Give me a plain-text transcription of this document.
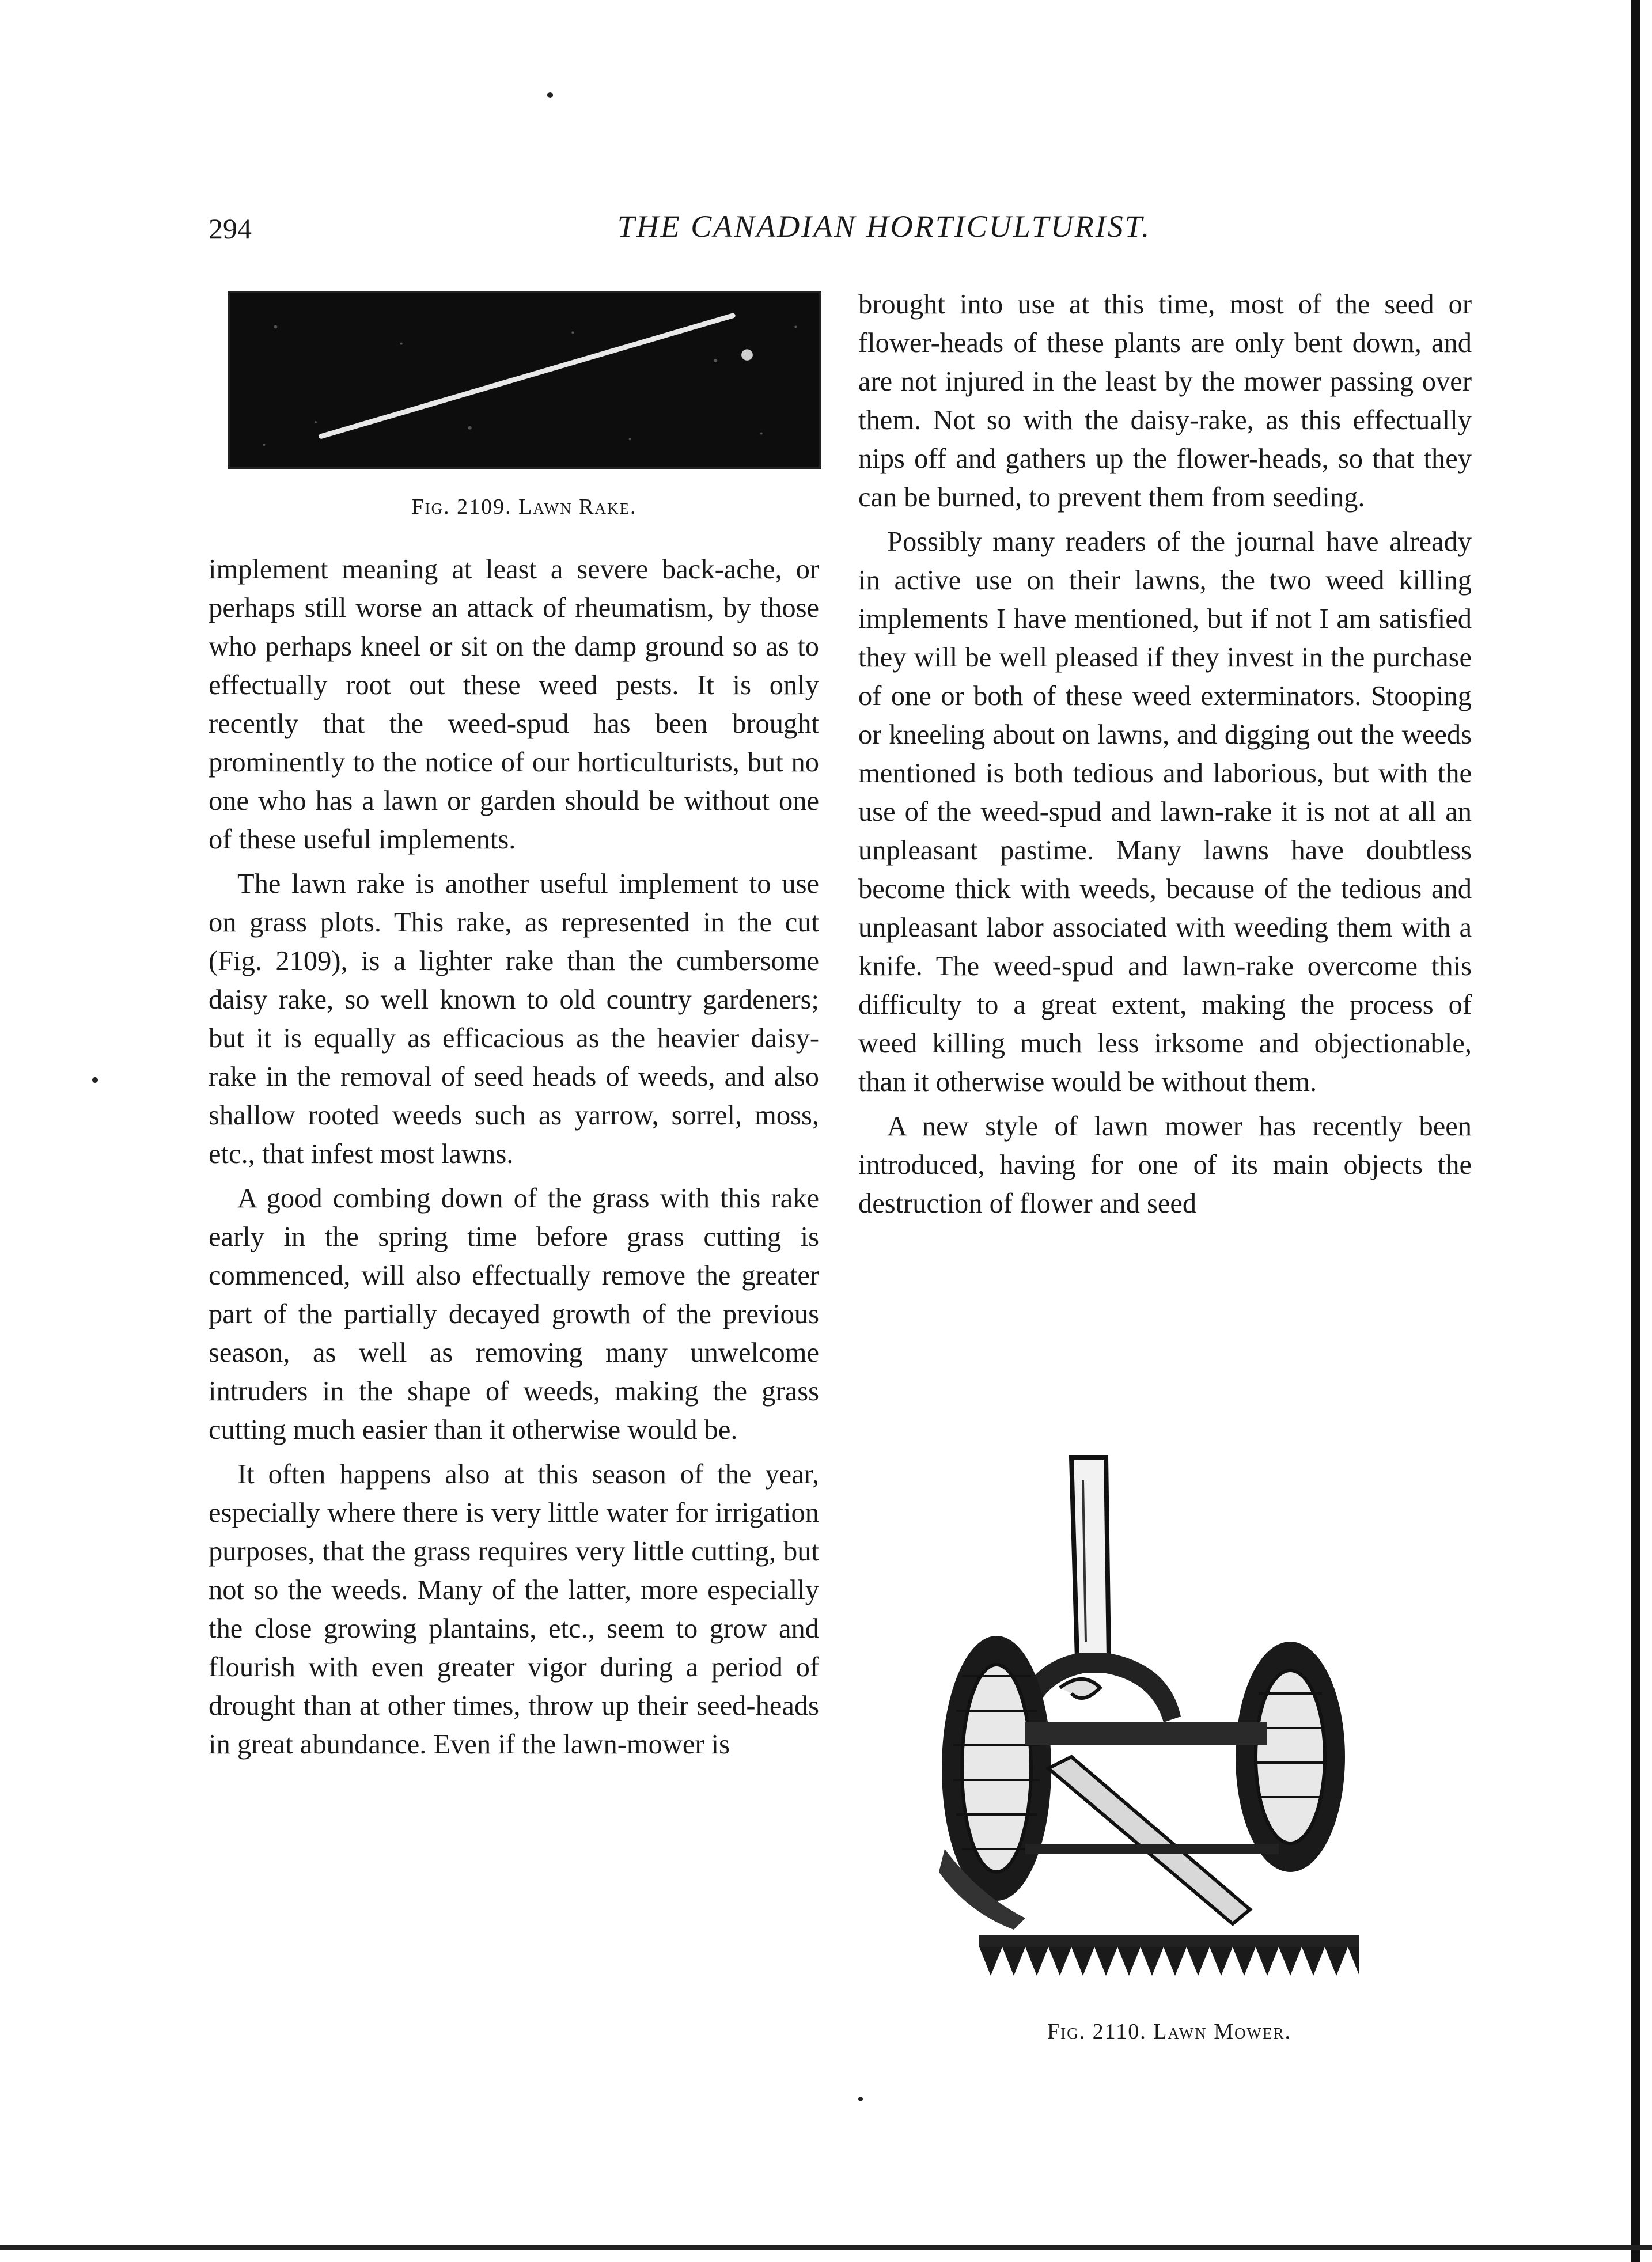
294	THE CANADIAN HORTICULTURIST.
Fig. 2109. Lawn Rake.

implement meaning at least a severe back-ache, or perhaps still worse an attack of rheumatism, by those who perhaps kneel or sit on the damp ground so as to effectually root out these weed pests. It is only recently that the weed-spud has been brought prominently to the notice of our horticulturists, but no one who has a lawn or garden should be without one of these useful implements.

The lawn rake is another useful implement to use on grass plots. This rake, as represented in the cut (Fig. 2109), is a lighter rake than the cumbersome daisy rake, so well known to old country gardeners; but it is equally as efficacious as the heavier daisy-rake in the removal of seed heads of weeds, and also shallow rooted weeds such as yarrow, sorrel, moss, etc., that infest most lawns.

A good combing down of the grass with this rake early in the spring time before grass cutting is commenced, will also effectually remove the greater part of the partially decayed growth of the previous season, as well as removing many unwelcome intruders in the shape of weeds, making the grass cutting much easier than it otherwise would be.

It often happens also at this season of the year, especially where there is very little water for irrigation purposes, that the grass requires very little cutting, but not so the weeds. Many of the latter, more especially the close growing plantains, etc., seem to grow and flourish with even greater vigor during a period of drought than at other times, throw up their seed-heads in great abundance. Even if the lawn-mower is

brought into use at this time, most of the seed or flower-heads of these plants are only bent down, and are not injured in the least by the mower passing over them. Not so with the daisy-rake, as this effectually nips off and gathers up the flower-heads, so that they can be burned, to prevent them from seeding.

Possibly many readers of the journal have already in active use on their lawns, the two weed killing implements I have mentioned, but if not I am satisfied they will be well pleased if they invest in the purchase of one or both of these weed exterminators. Stooping or kneeling about on lawns, and digging out the weeds mentioned is both tedious and laborious, but with the use of the weed-spud and lawn-rake it is not at all an unpleasant pastime. Many lawns have doubtless become thick with weeds, because of the tedious and unpleasant labor associated with weeding them with a knife. The weed-spud and lawn-rake overcome this difficulty to a great extent, making the process of weed killing much less irksome and objectionable, than it otherwise would be without them.

A new style of lawn mower has recently been introduced, having for one of its main objects the destruction of flower and seed

Fig. 2110. Lawn Mower.
